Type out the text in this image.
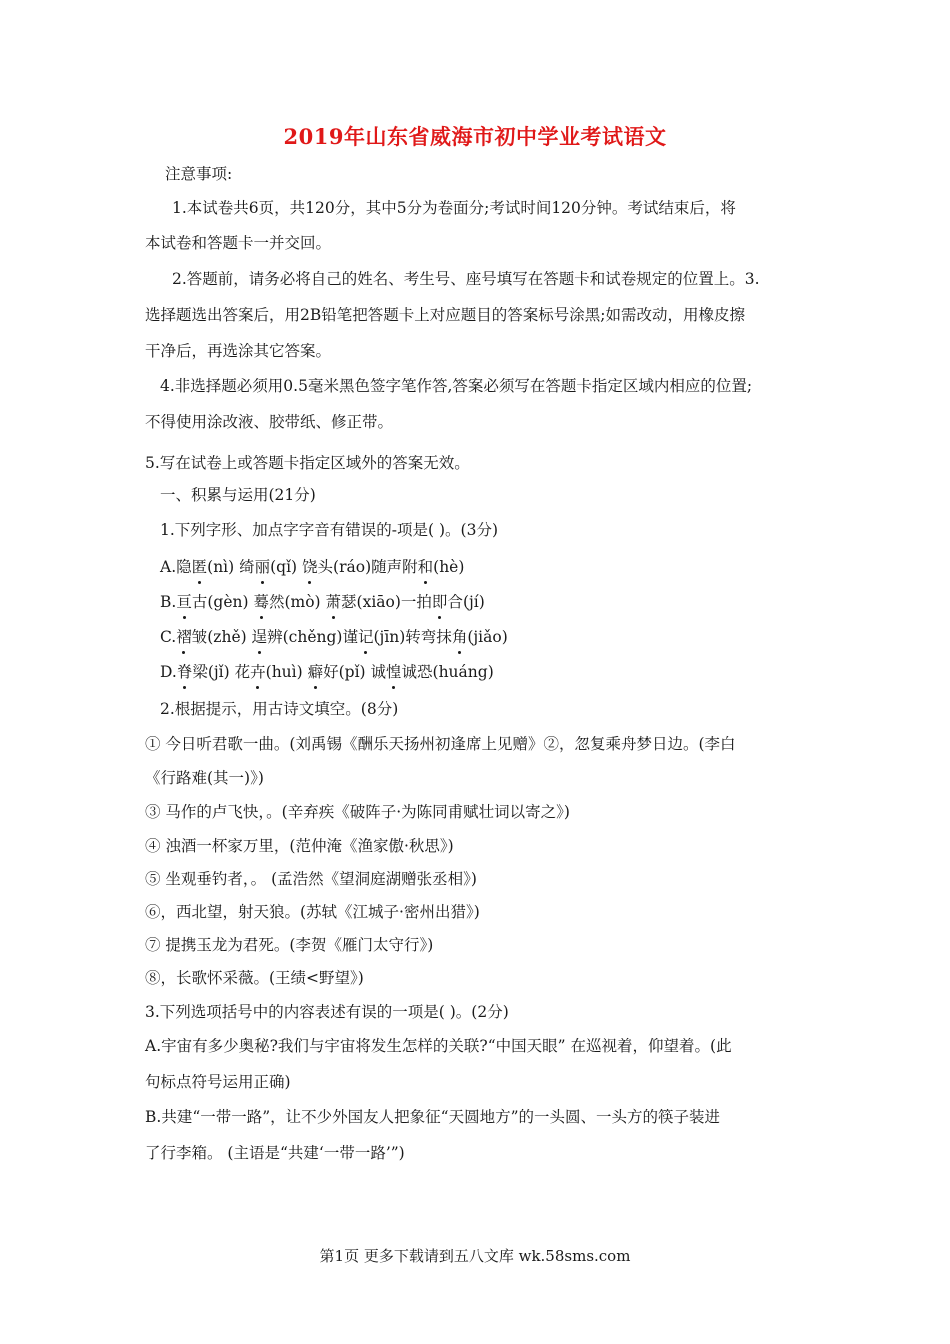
2019年山东省威海市初中学业考试语文
注意事项:
1.本试卷共6页，共120分，其中5分为卷面分;考试时间120分钟。考试结束后，将
本试卷和答题卡一并交回。
2.答题前，请务必将自己的姓名、考生号、座号填写在答题卡和试卷规定的位置上。3.
选择题选出答案后，用2B铅笔把答题卡上对应题目的答案标号涂黑;如需改动，用橡皮擦
干净后，再选涂其它答案。
4.非选择题必须用0.5毫米黑色签字笔作答,答案必须写在答题卡指定区域内相应的位置;
不得使用涂改液、胶带纸、修正带。
5.写在试卷上或答题卡指定区域外的答案无效。
一、积累与运用(21分)
1.下列字形、加点字字音有错误的-项是( )。(3分)
A.隐匿(nì) 绮丽(qǐ) 饶头(ráo)随声附和(hè)
B.亘古(gèn) 蓦然(mò) 萧瑟(xiāo)一拍即合(jí)
C.褶皱(zhě) 逞辨(chěng)谨记(jīn)转弯抹角(jiǎo)
D.脊梁(jǐ) 花卉(huì) 癖好(pǐ) 诚惶诚恐(huáng)
2.根据提示，用古诗文填空。(8分)
① 今日听君歌一曲。(刘禹锡《酬乐天扬州初逢席上见赠》②，忽复乘舟梦日边。(李白
《行路难(其一)》)
③ 马作的卢飞快，。(辛弃疾《破阵子·为陈同甫赋壮词以寄之》)
④ 浊酒一杯家万里，(范仲淹《渔家傲·秋思》)
⑤ 坐观垂钓者，。 (孟浩然《望洞庭湖赠张丞相》)
⑥，西北望，射天狼。(苏轼《江城子·密州出猎》)
⑦ 提携玉龙为君死。(李贺《雁门太守行》)
⑧，长歌怀采薇。(王绩<野望》)
3.下列选项括号中的内容表述有误的一项是( )。(2分)
A.宇宙有多少奥秘?我们与宇宙将发生怎样的关联?“中国天眼” 在巡视着，仰望着。(此
句标点符号运用正确)
B.共建“一带一路”，让不少外国友人把象征“天圆地方”的一头圆、一头方的筷子装进
了行李箱。 (主语是“共建‘一带一路’”)
第1页 更多下载请到五八文库 wk.58sms.com
